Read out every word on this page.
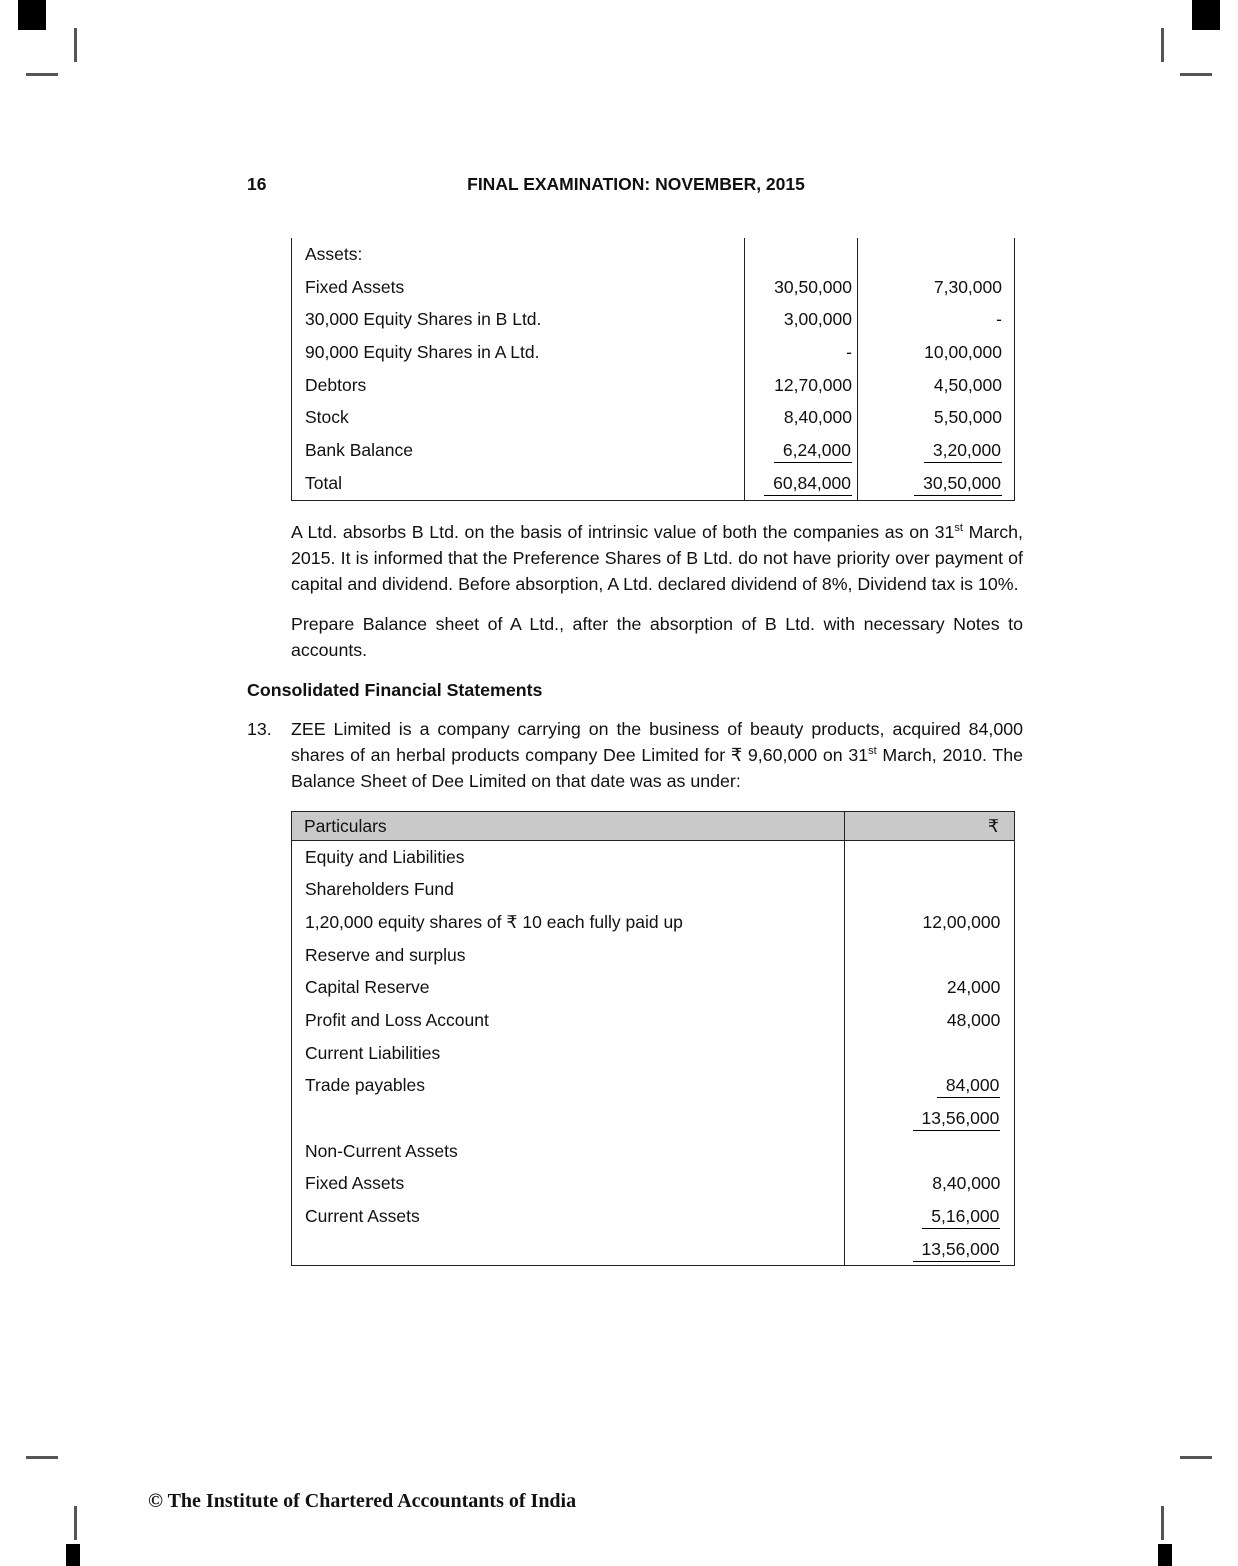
16	FINAL EXAMINATION: NOVEMBER, 2015
Assets:
Fixed Assets	30,50,000	7,30,000
30,000 Equity Shares in B Ltd.	3,00,000	-
90,000 Equity Shares in A Ltd.	-	10,00,000
Debtors	12,70,000	4,50,000
Stock	8,40,000	5,50,000
Bank Balance	6,24,000	3,20,000
Total	60,84,000	30,50,000

A Ltd. absorbs B Ltd. on the basis of intrinsic value of both the companies as on 31st March, 2015. It is informed that the Preference Shares of B Ltd. do not have priority over payment of capital and dividend. Before absorption, A Ltd. declared dividend of 8%, Dividend tax is 10%.

Prepare Balance sheet of A Ltd., after the absorption of B Ltd. with necessary Notes to accounts.

Consolidated Financial Statements
13.	ZEE Limited is a company carrying on the business of beauty products, acquired 84,000 shares of an herbal products company Dee Limited for ₹ 9,60,000 on 31st March, 2010. The Balance Sheet of Dee Limited on that date was as under:
Particulars	₹
Equity and Liabilities
Shareholders Fund
1,20,000 equity shares of ₹ 10 each fully paid up	12,00,000
Reserve and surplus
Capital Reserve	24,000
Profit and Loss Account	48,000
Current Liabilities
Trade payables	84,000
13,56,000
Non-Current Assets
Fixed Assets	8,40,000
Current Assets	5,16,000
13,56,000
© The Institute of Chartered Accountants of India
